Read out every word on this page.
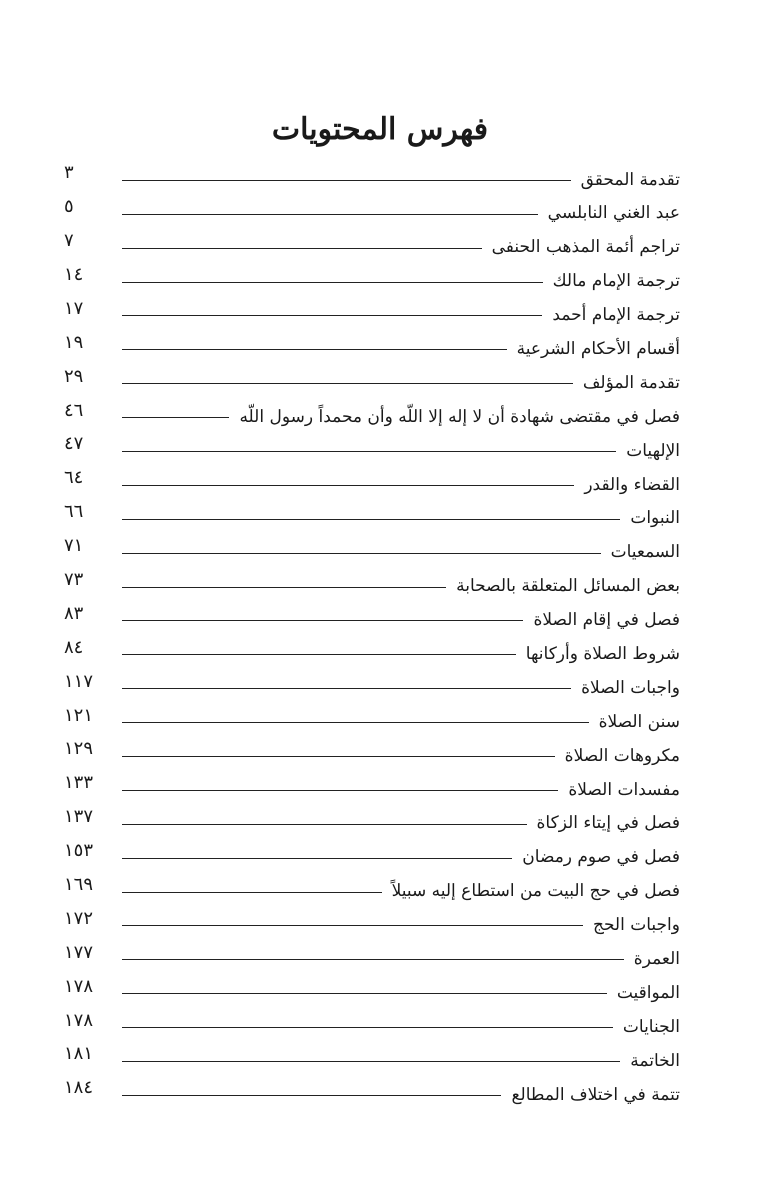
فهرس المحتويات
تقدمة المحقق
٣
عبد الغني النابلسي
٥
تراجم أئمة المذهب الحنفى
٧
ترجمة الإمام مالك
١٤
ترجمة الإمام أحمد
١٧
أقسام الأحكام الشرعية
١٩
تقدمة المؤلف
٢٩
فصل في مقتضى شهادة أن لا إله إلا اللّه وأن محمداً رسول اللّه
٤٦
الإلهيات
٤٧
القضاء والقدر
٦٤
النبوات
٦٦
السمعيات
٧١
بعض المسائل المتعلقة بالصحابة
٧٣
فصل في إقام الصلاة
٨٣
شروط الصلاة وأركانها
٨٤
واجبات الصلاة
١١٧
سنن الصلاة
١٢١
مكروهات الصلاة
١٢٩
مفسدات الصلاة
١٣٣
فصل في إيتاء الزكاة
١٣٧
فصل في صوم رمضان
١٥٣
فصل في حج البيت من استطاع إليه سبيلاً
١٦٩
واجبات الحج
١٧٢
العمرة
١٧٧
المواقيت
١٧٨
الجنايات
١٧٨
الخاتمة
١٨١
تتمة في اختلاف المطالع
١٨٤
